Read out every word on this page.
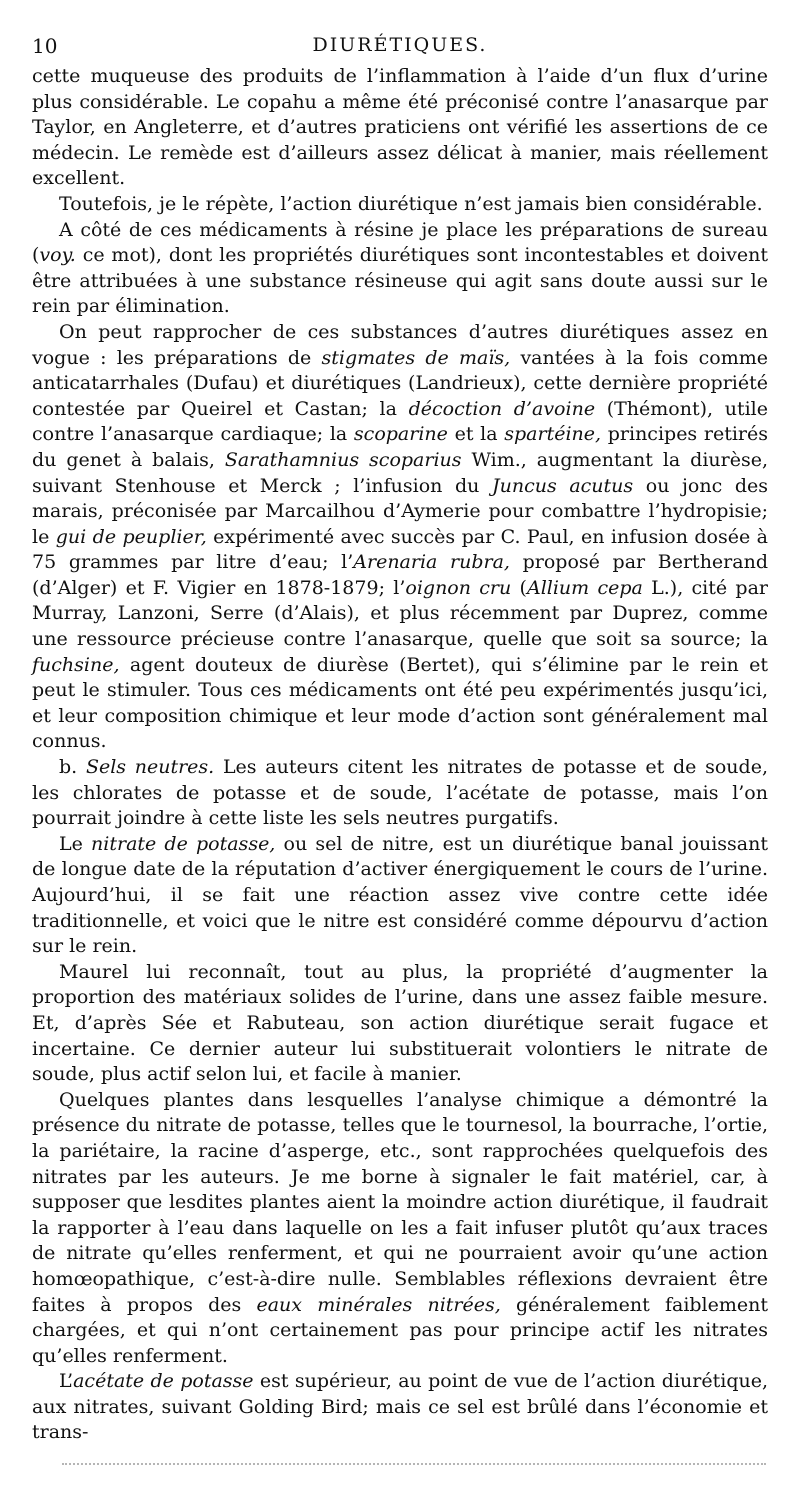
10	DIURÉTIQUES.

cette muqueuse des produits de l’inflammation à l’aide d’un flux d’urine plus considérable. Le copahu a même été préconisé contre l’anasarque par Taylor, en Angleterre, et d’autres praticiens ont vérifié les assertions de ce médecin. Le remède est d’ailleurs assez délicat à manier, mais réellement excellent.

Toutefois, je le répète, l’action diurétique n’est jamais bien considérable.

A côté de ces médicaments à résine je place les préparations de sureau (voy. ce mot), dont les propriétés diurétiques sont incontestables et doivent être attribuées à une substance résineuse qui agit sans doute aussi sur le rein par élimination.

On peut rapprocher de ces substances d’autres diurétiques assez en vogue : les préparations de stigmates de maïs, vantées à la fois comme anticatarrhales (Dufau) et diurétiques (Landrieux), cette dernière propriété contestée par Queirel et Castan; la décoction d’avoine (Thémont), utile contre l’anasarque cardiaque; la scoparine et la spartéine, principes retirés du genet à balais, Sarathamnius scoparius Wim., augmentant la diurèse, suivant Stenhouse et Merck ; l’infusion du Juncus acutus ou jonc des marais, préconisée par Marcailhou d’Aymerie pour combattre l’hydropisie; le gui de peuplier, expérimenté avec succès par C. Paul, en infusion dosée à 75 grammes par litre d’eau; l’Arenaria rubra, proposé par Bertherand (d’Alger) et F. Vigier en 1878-1879; l’oignon cru (Allium cepa L.), cité par Murray, Lanzoni, Serre (d’Alais), et plus récemment par Duprez, comme une ressource précieuse contre l’anasarque, quelle que soit sa source; la fuchsine, agent douteux de diurèse (Bertet), qui s’élimine par le rein et peut le stimuler. Tous ces médicaments ont été peu expérimentés jusqu’ici, et leur composition chimique et leur mode d’action sont généralement mal connus.

b. Sels neutres. Les auteurs citent les nitrates de potasse et de soude, les chlorates de potasse et de soude, l’acétate de potasse, mais l’on pourrait joindre à cette liste les sels neutres purgatifs.

Le nitrate de potasse, ou sel de nitre, est un diurétique banal jouissant de longue date de la réputation d’activer énergiquement le cours de l’urine. Aujourd’hui, il se fait une réaction assez vive contre cette idée traditionnelle, et voici que le nitre est considéré comme dépourvu d’action sur le rein.

Maurel lui reconnaît, tout au plus, la propriété d’augmenter la proportion des matériaux solides de l’urine, dans une assez faible mesure. Et, d’après Sée et Rabuteau, son action diurétique serait fugace et incertaine. Ce dernier auteur lui substituerait volontiers le nitrate de soude, plus actif selon lui, et facile à manier.

Quelques plantes dans lesquelles l’analyse chimique a démontré la présence du nitrate de potasse, telles que le tournesol, la bourrache, l’ortie, la pariétaire, la racine d’asperge, etc., sont rapprochées quelquefois des nitrates par les auteurs. Je me borne à signaler le fait matériel, car, à supposer que lesdites plantes aient la moindre action diurétique, il faudrait la rapporter à l’eau dans laquelle on les a fait infuser plutôt qu’aux traces de nitrate qu’elles renferment, et qui ne pourraient avoir qu’une action homœopathique, c’est-à-dire nulle. Semblables réflexions devraient être faites à propos des eaux minérales nitrées, généralement faiblement chargées, et qui n’ont certainement pas pour principe actif les nitrates qu’elles renferment.

L’acétate de potasse est supérieur, au point de vue de l’action diurétique, aux nitrates, suivant Golding Bird; mais ce sel est brûlé dans l’économie et trans-
